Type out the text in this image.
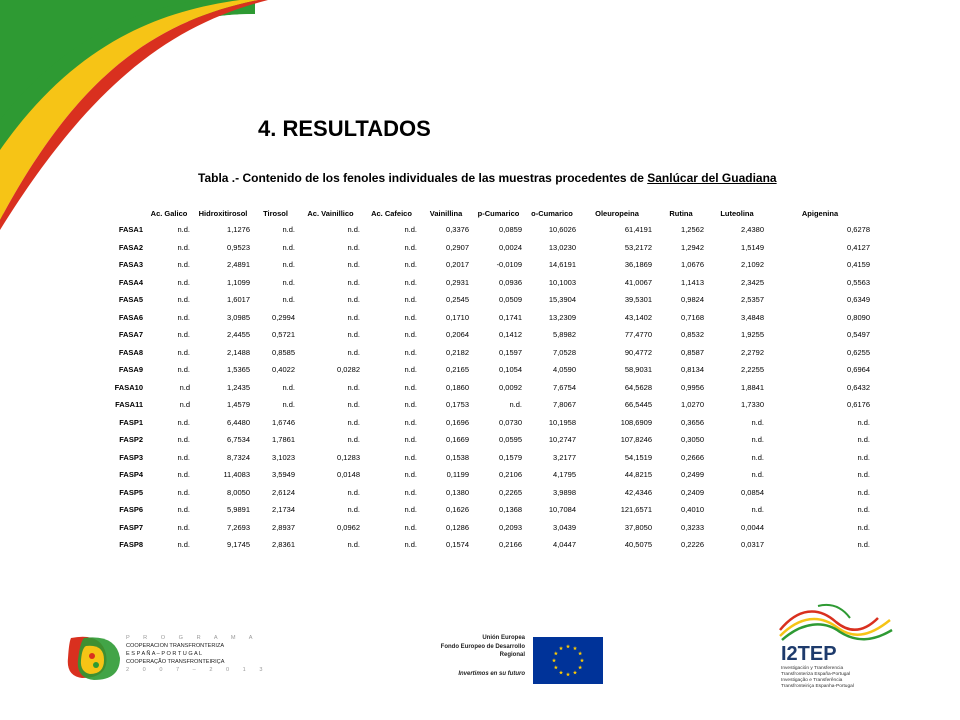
4. RESULTADOS
Tabla .- Contenido de los fenoles individuales de las muestras procedentes de Sanlúcar del Guadiana
	Ac. Galico	Hidroxitirosol	Tirosol	Ac. Vainillico	Ac. Cafeico	Vainillina	p-Cumarico	o-Cumarico	Oleuropeina	Rutina	Luteolina	Apigenina
FASA1	n.d.	1,1276	n.d.	n.d.	n.d.	0,3376	0,0859	10,6026	61,4191	1,2562	2,4380	0,6278
FASA2	n.d.	0,9523	n.d.	n.d.	n.d.	0,2907	0,0024	13,0230	53,2172	1,2942	1,5149	0,4127
FASA3	n.d.	2,4891	n.d.	n.d.	n.d.	0,2017	-0,0109	14,6191	36,1869	1,0676	2,1092	0,4159
FASA4	n.d.	1,1099	n.d.	n.d.	n.d.	0,2931	0,0936	10,1003	41,0067	1,1413	2,3425	0,5563
FASA5	n.d.	1,6017	n.d.	n.d.	n.d.	0,2545	0,0509	15,3904	39,5301	0,9824	2,5357	0,6349
FASA6	n.d.	3,0985	0,2994	n.d.	n.d.	0,1710	0,1741	13,2309	43,1402	0,7168	3,4848	0,8090
FASA7	n.d.	2,4455	0,5721	n.d.	n.d.	0,2064	0,1412	5,8982	77,4770	0,8532	1,9255	0,5497
FASA8	n.d.	2,1488	0,8585	n.d.	n.d.	0,2182	0,1597	7,0528	90,4772	0,8587	2,2792	0,6255
FASA9	n.d.	1,5365	0,4022	0,0282	n.d.	0,2165	0,1054	4,0590	58,9031	0,8134	2,2255	0,6964
FASA10	n.d	1,2435	n.d.	n.d.	n.d.	0,1860	0,0092	7,6754	64,5628	0,9956	1,8841	0,6432
FASA11	n.d	1,4579	n.d.	n.d.	n.d.	0,1753	n.d.	7,8067	66,5445	1,0270	1,7330	0,6176
FASP1	n.d.	6,4480	1,6746	n.d.	n.d.	0,1696	0,0730	10,1958	108,6909	0,3656	n.d.	n.d.
FASP2	n.d.	6,7534	1,7861	n.d.	n.d.	0,1669	0,0595	10,2747	107,8246	0,3050	n.d.	n.d.
FASP3	n.d.	8,7324	3,1023	0,1283	n.d.	0,1538	0,1579	3,2177	54,1519	0,2666	n.d.	n.d.
FASP4	n.d.	11,4083	3,5949	0,0148	n.d.	0,1199	0,2106	4,1795	44,8215	0,2499	n.d.	n.d.
FASP5	n.d.	8,0050	2,6124	n.d.	n.d.	0,1380	0,2265	3,9898	42,4346	0,2409	0,0854	n.d.
FASP6	n.d.	5,9891	2,1734	n.d.	n.d.	0,1626	0,1368	10,7084	121,6571	0,4010	n.d.	n.d.
FASP7	n.d.	7,2693	2,8937	0,0962	n.d.	0,1286	0,2093	3,0439	37,8050	0,3233	0,0044	n.d.
FASP8	n.d.	9,1745	2,8361	n.d.	n.d.	0,1574	0,2166	4,0447	40,5075	0,2226	0,0317	n.d.
P R O G R A M A
COOPERACION TRANSFRONTERIZA
E S P A Ñ A – P O R T U G A L
COOPERAÇÃO TRANSFRONTEIRIÇA
2 0 0 7 – 2 0 1 3
Unión Europea
Fondo Europeo de Desarrollo
Regional
Invertimos en su futuro
I2TEP
Investigación y Transferencia
Transfronteriza España-Portugal
Investigação e Transferência
Transfronteiriça Espanha-Portugal
